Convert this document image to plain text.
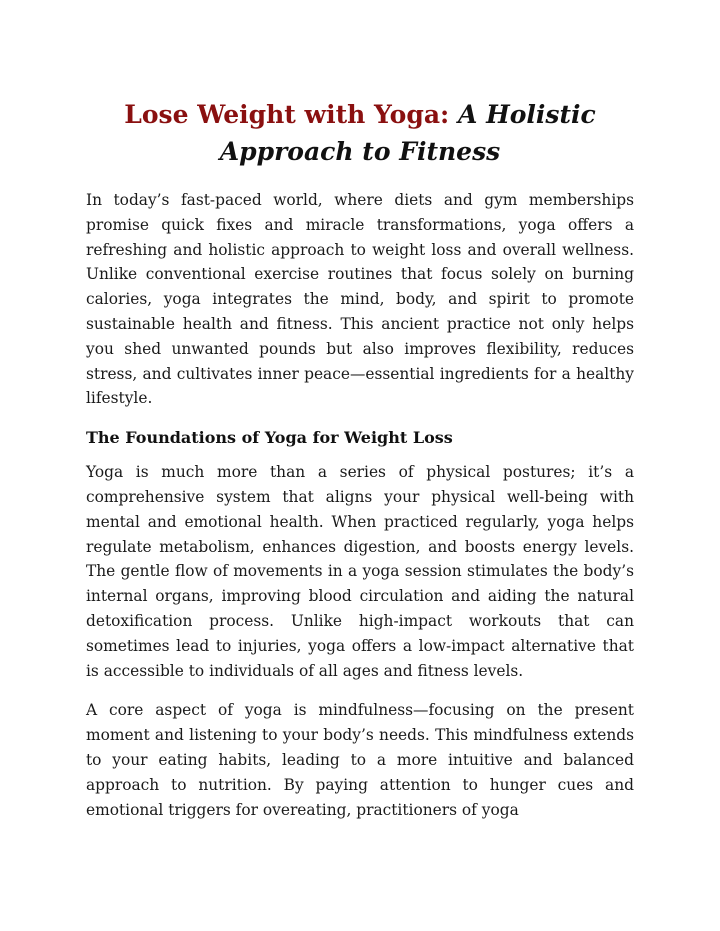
Lose Weight with Yoga: A Holistic Approach to Fitness

In today’s fast-paced world, where diets and gym memberships promise quick fixes and miracle transformations, yoga offers a refreshing and holistic approach to weight loss and overall wellness. Unlike conventional exercise routines that focus solely on burning calories, yoga integrates the mind, body, and spirit to promote sustainable health and fitness. This ancient practice not only helps you shed unwanted pounds but also improves flexibility, reduces stress, and cultivates inner peace—essential ingredients for a healthy lifestyle.

The Foundations of Yoga for Weight Loss

Yoga is much more than a series of physical postures; it’s a comprehensive system that aligns your physical well-being with mental and emotional health. When practiced regularly, yoga helps regulate metabolism, enhances digestion, and boosts energy levels. The gentle flow of movements in a yoga session stimulates the body’s internal organs, improving blood circulation and aiding the natural detoxification process. Unlike high-impact workouts that can sometimes lead to injuries, yoga offers a low-impact alternative that is accessible to individuals of all ages and fitness levels.

A core aspect of yoga is mindfulness—focusing on the present moment and listening to your body’s needs. This mindfulness extends to your eating habits, leading to a more intuitive and balanced approach to nutrition. By paying attention to hunger cues and emotional triggers for overeating, practitioners of yoga
